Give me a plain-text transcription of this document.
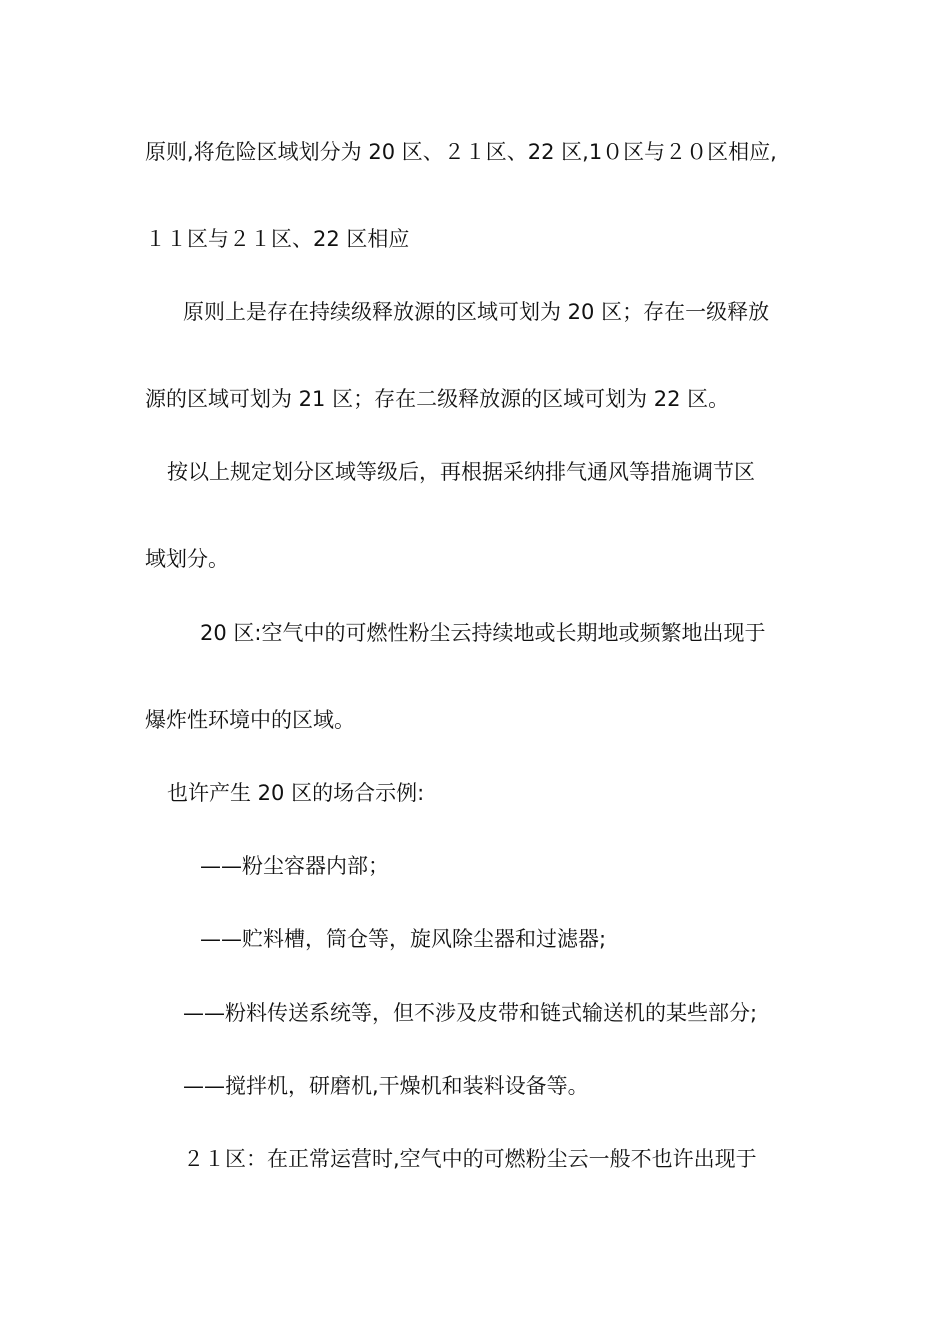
原则,将危险区域划分为 20 区、２１区、22 区,1０区与２０区相应,
１１区与２１区、22 区相应
原则上是存在持续级释放源的区域可划为 20 区；存在一级释放
源的区域可划为 21 区；存在二级释放源的区域可划为 22 区。
按以上规定划分区域等级后，再根据采纳排气通风等措施调节区
域划分。
20 区:空气中的可燃性粉尘云持续地或长期地或频繁地出现于
爆炸性环境中的区域。
也许产生 20 区的场合示例:
——粉尘容器内部；
——贮料槽，筒仓等，旋风除尘器和过滤器;
——粉料传送系统等，但不涉及皮带和链式输送机的某些部分;
——搅拌机，研磨机,干燥机和装料设备等。
２１区：在正常运营时,空气中的可燃粉尘云一般不也许出现于
